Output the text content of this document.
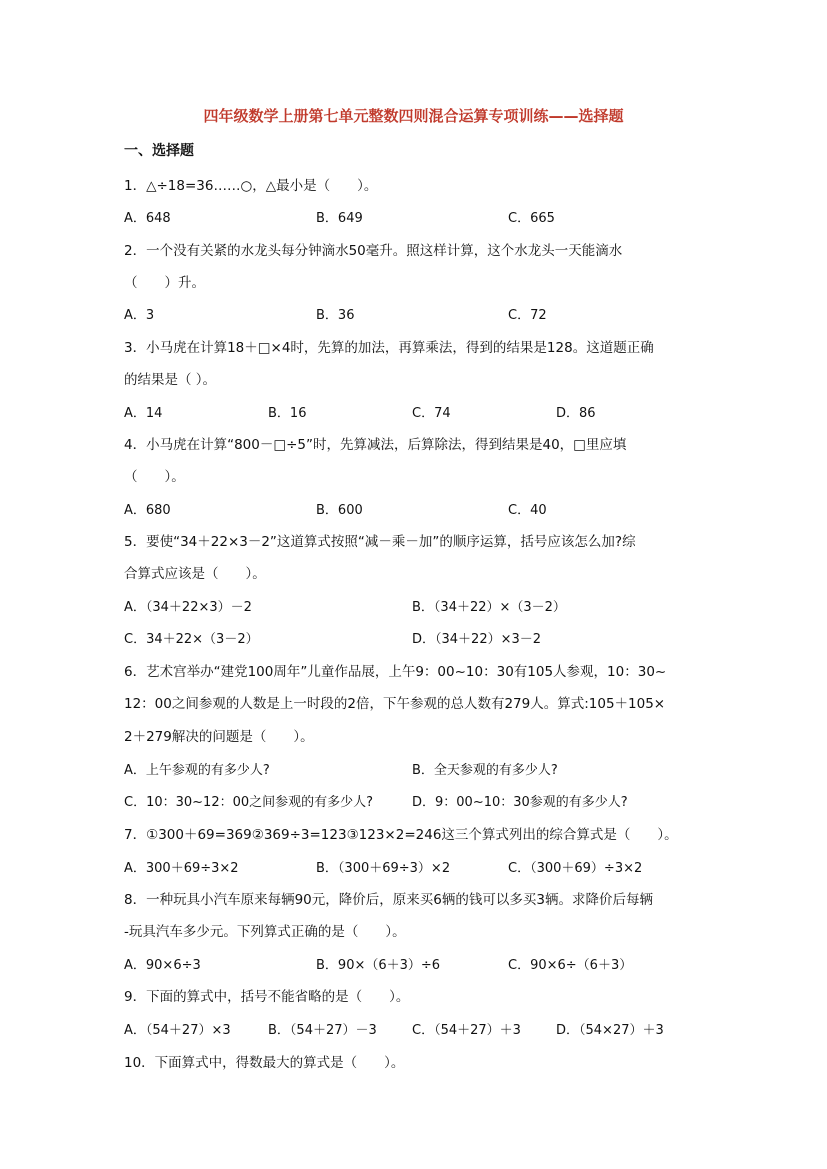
四年级数学上册第七单元整数四则混合运算专项训练——选择题
一、选择题
1．△÷18=36……○，△最小是（　　）。
A．648	B．649	C．665
2．一个没有关紧的水龙头每分钟滴水50毫升。照这样计算，这个水龙头一天能滴水
（　　）升。
A．3	B．36	C．72
3．小马虎在计算18＋□×4时，先算的加法，再算乘法，得到的结果是128。这道题正确
的结果是（ ）。
A．14	B．16	C．74	D．86
4．小马虎在计算“800－□÷5”时，先算减法，后算除法，得到结果是40，□里应填
（　　）。
A．680	B．600	C．40
5．要使“34＋22×3－2”这道算式按照“减－乘－加”的顺序运算，括号应该怎么加?综
合算式应该是（　　）。
A．（34＋22×3）－2	B．（34＋22）×（3－2）
C．34＋22×（3－2）	D．（34＋22）×3－2
6．艺术宫举办“建党100周年”儿童作品展，上午9：00~10：30有105人参观，10：30~
12：00之间参观的人数是上一时段的2倍，下午参观的总人数有279人。算式:105＋105×
2＋279解决的问题是（　　）。
A．上午参观的有多少人?	B．全天参观的有多少人?
C．10：30~12：00之间参观的有多少人?	D．9：00~10：30参观的有多少人?
7．①300＋69=369②369÷3=123③123×2=246这三个算式列出的综合算式是（　　）。
A．300＋69÷3×2	B．（300＋69÷3）×2	C．（300＋69）÷3×2
8．一种玩具小汽车原来每辆90元，降价后，原来买6辆的钱可以多买3辆。求降价后每辆
-玩具汽车多少元。下列算式正确的是（　　）。
A．90×6÷3	B．90×（6＋3）÷6	C．90×6÷（6＋3）
9．下面的算式中，括号不能省略的是（　　）。
A．（54＋27）×3	B．（54＋27）－3	C．（54＋27）＋3	D．（54×27）＋3
10．下面算式中，得数最大的算式是（　　）。
